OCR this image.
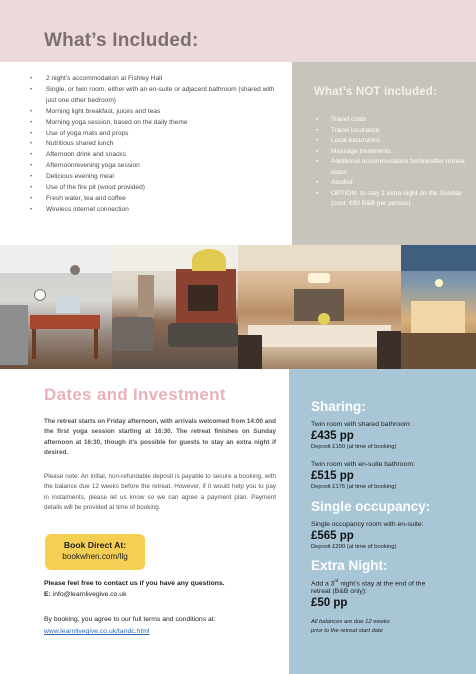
What’s Included:
• 2 night’s accommodation at Fishley Hall
• Single, or twin room, either with an en-suite or adjacent bathroom (shared with just one other bedroom)
• Morning light breakfast, juices and teas
• Morning yoga session, based on the daily theme
• Use of yoga mats and props
• Nutritious shared lunch
• Afternoon drink and snacks
• Afternoon/evening yoga session
• Delicious evening meal
• Use of the fire pit (wood provided)
• Fresh water, tea and coffee
• Wireless internet connection
What’s NOT included:
• Travel costs
• Travel insurance
• Local excursions
• Massage treatments
• Additional accommodation before/after retreat dates
• Alcohol
• OPTION: to stay 1 extra night on the Sunday (cost: £50 B&B per person)
Dates and Investment
The retreat starts on Friday afternoon, with arrivals welcomed from 14:00 and the first yoga session starting at 16:30. The retreat finishes on Sunday afternoon at 16:30, though it’s possible for guests to stay an extra night if desired.
Please note: An initial, non-refundable deposit is payable to secure a booking, with the balance due 12 weeks before the retreat. However, if it would help you to pay in instalments, please let us know so we can agree a payment plan. Payment details will be provided at time of booking.
Book Direct At:
bookwhen.com/llg
Please feel free to contact us if you have any questions.
E: info@learnlivegive.co.uk
By booking, you agree to our full terms and conditions at:
www.learnlivegive.co.uk/tandc.html
Sharing:
Twin room with shared bathroom:
£435 pp
Deposit £150 (at time of booking)
Twin room with en-suite bathroom:
£515 pp
Deposit £175 (at time of booking)
Single occupancy:
Single occupancy room with en-suite:
£565 pp
Deposit £200 (at time of booking)
Extra Night:
Add a 3rd night’s stay at the end of the
retreat (B&B only):
£50 pp
All balances are due 12 weeks
prior to the retreat start date
